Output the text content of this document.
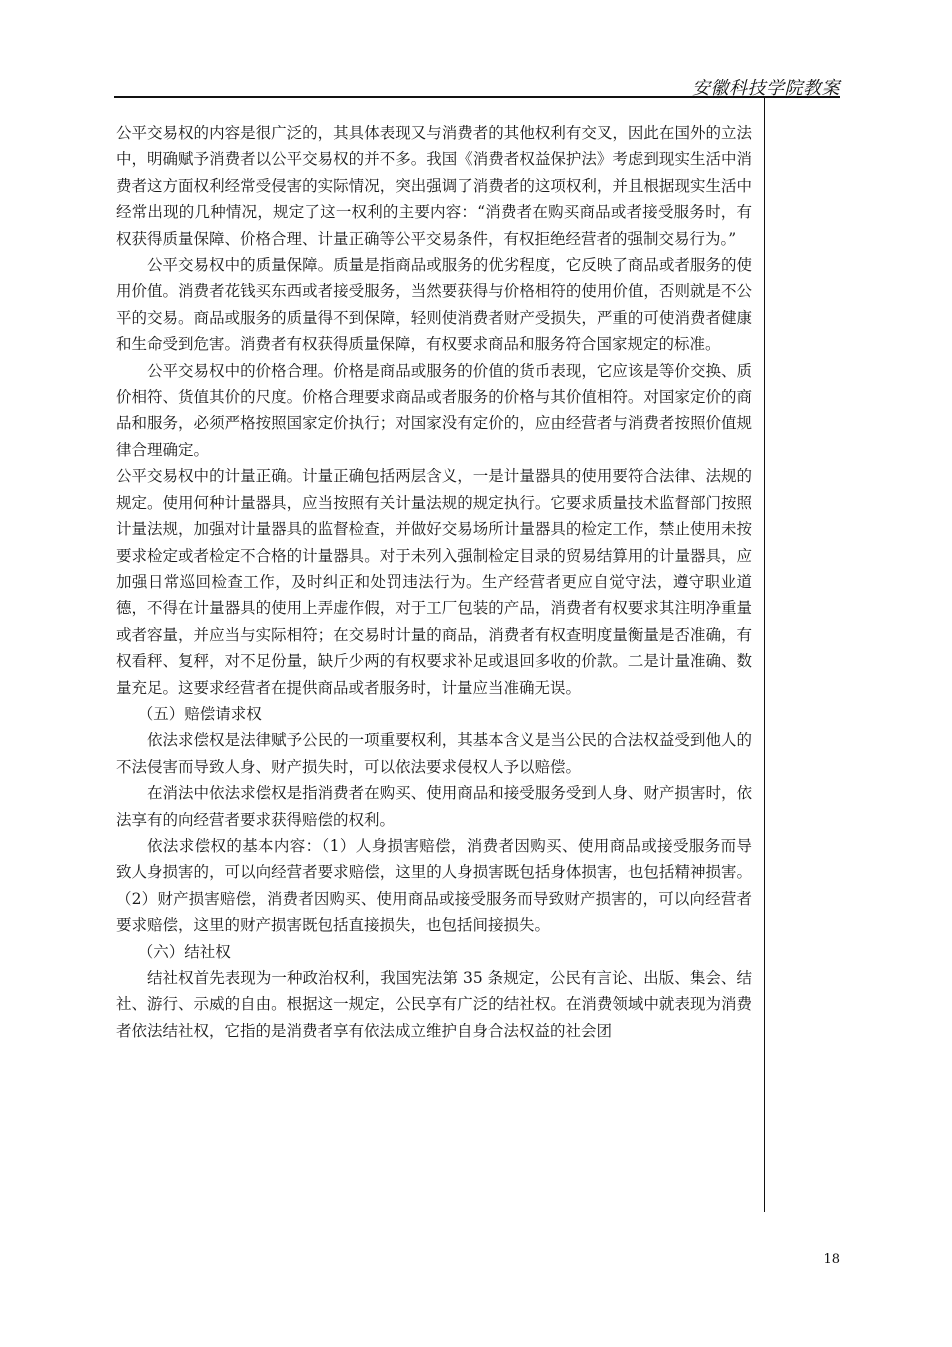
安徽科技学院教案

公平交易权的内容是很广泛的，其具体表现又与消费者的其他权利有交叉，因此在国外的立法中，明确赋予消费者以公平交易权的并不多。我国《消费者权益保护法》考虑到现实生活中消费者这方面权利经常受侵害的实际情况，突出强调了消费者的这项权利，并且根据现实生活中经常出现的几种情况，规定了这一权利的主要内容：“消费者在购买商品或者接受服务时，有权获得质量保障、价格合理、计量正确等公平交易条件，有权拒绝经营者的强制交易行为。”

公平交易权中的质量保障。质量是指商品或服务的优劣程度，它反映了商品或者服务的使用价值。消费者花钱买东西或者接受服务，当然要获得与价格相符的使用价值，否则就是不公平的交易。商品或服务的质量得不到保障，轻则使消费者财产受损失，严重的可使消费者健康和生命受到危害。消费者有权获得质量保障，有权要求商品和服务符合国家规定的标准。

公平交易权中的价格合理。价格是商品或服务的价值的货币表现，它应该是等价交换、质价相符、货值其价的尺度。价格合理要求商品或者服务的价格与其价值相符。对国家定价的商品和服务，必须严格按照国家定价执行；对国家没有定价的，应由经营者与消费者按照价值规律合理确定。

公平交易权中的计量正确。计量正确包括两层含义，一是计量器具的使用要符合法律、法规的规定。使用何种计量器具，应当按照有关计量法规的规定执行。它要求质量技术监督部门按照计量法规，加强对计量器具的监督检查，并做好交易场所计量器具的检定工作，禁止使用未按要求检定或者检定不合格的计量器具。对于未列入强制检定目录的贸易结算用的计量器具，应加强日常巡回检查工作，及时纠正和处罚违法行为。生产经营者更应自觉守法，遵守职业道德，不得在计量器具的使用上弄虚作假，对于工厂包装的产品，消费者有权要求其注明净重量或者容量，并应当与实际相符；在交易时计量的商品，消费者有权查明度量衡量是否准确，有权看秤、复秤，对不足份量，缺斤少两的有权要求补足或退回多收的价款。二是计量准确、数量充足。这要求经营者在提供商品或者服务时，计量应当准确无误。

（五）赔偿请求权

依法求偿权是法律赋予公民的一项重要权利，其基本含义是当公民的合法权益受到他人的不法侵害而导致人身、财产损失时，可以依法要求侵权人予以赔偿。

在消法中依法求偿权是指消费者在购买、使用商品和接受服务受到人身、财产损害时，依法享有的向经营者要求获得赔偿的权利。

依法求偿权的基本内容：（1）人身损害赔偿，消费者因购买、使用商品或接受服务而导致人身损害的，可以向经营者要求赔偿，这里的人身损害既包括身体损害，也包括精神损害。（2）财产损害赔偿，消费者因购买、使用商品或接受服务而导致财产损害的，可以向经营者要求赔偿，这里的财产损害既包括直接损失，也包括间接损失。

（六）结社权

结社权首先表现为一种政治权利，我国宪法第 35 条规定，公民有言论、出版、集会、结社、游行、示威的自由。根据这一规定，公民享有广泛的结社权。在消费领域中就表现为消费者依法结社权，它指的是消费者享有依法成立维护自身合法权益的社会团

18
